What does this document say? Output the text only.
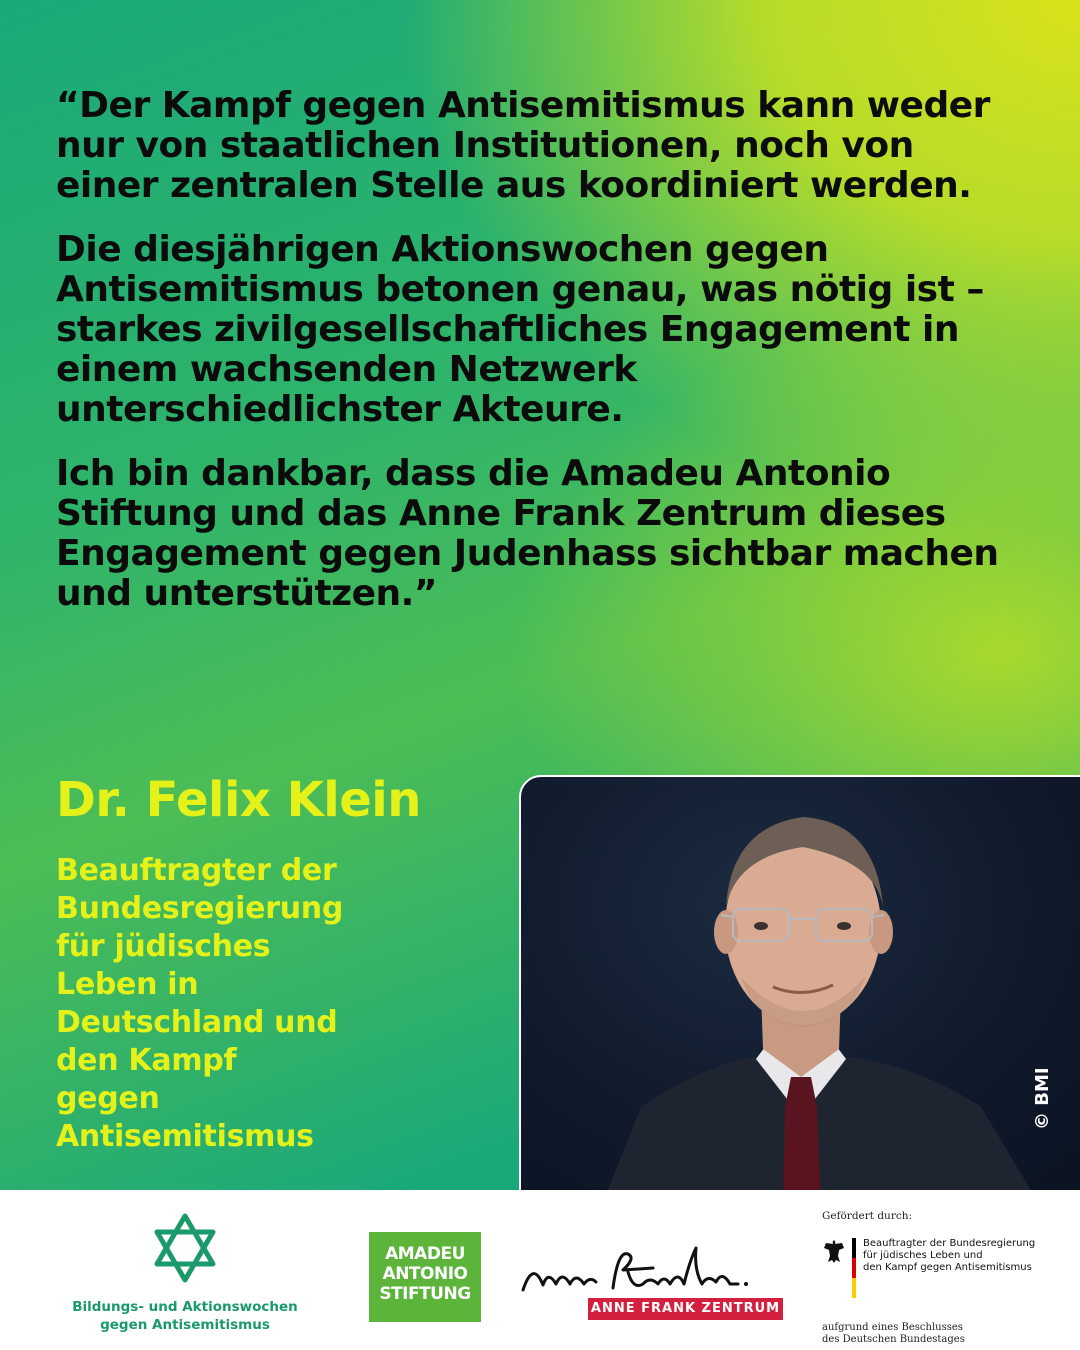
“Der Kampf gegen Antisemitismus kann weder nur von staatlichen Institutionen, noch von einer zentralen Stelle aus koordiniert werden.

Die diesjährigen Aktionswochen gegen Antisemitismus betonen genau, was nötig ist – starkes zivilgesellschaftliches Engagement in einem wachsenden Netzwerk unterschiedlichster Akteure.

Ich bin dankbar, dass die Amadeu Antonio Stiftung und das Anne Frank Zentrum dieses Engagement gegen Judenhass sichtbar machen und unterstützen.”

Dr. Felix Klein
Beauftragter der
Bundesregierung
für jüdisches
Leben in
Deutschland und
den Kampf
gegen
Antisemitismus
© BMI
Bildungs- und Aktionswochen
gegen Antisemitismus
AMADEU
ANTONIO
STIFTUNG
ANNE FRANK ZENTRUM
Gefördert durch:
Beauftragter der Bundesregierung
für jüdisches Leben und
den Kampf gegen Antisemitismus
aufgrund eines Beschlusses
des Deutschen Bundestages
